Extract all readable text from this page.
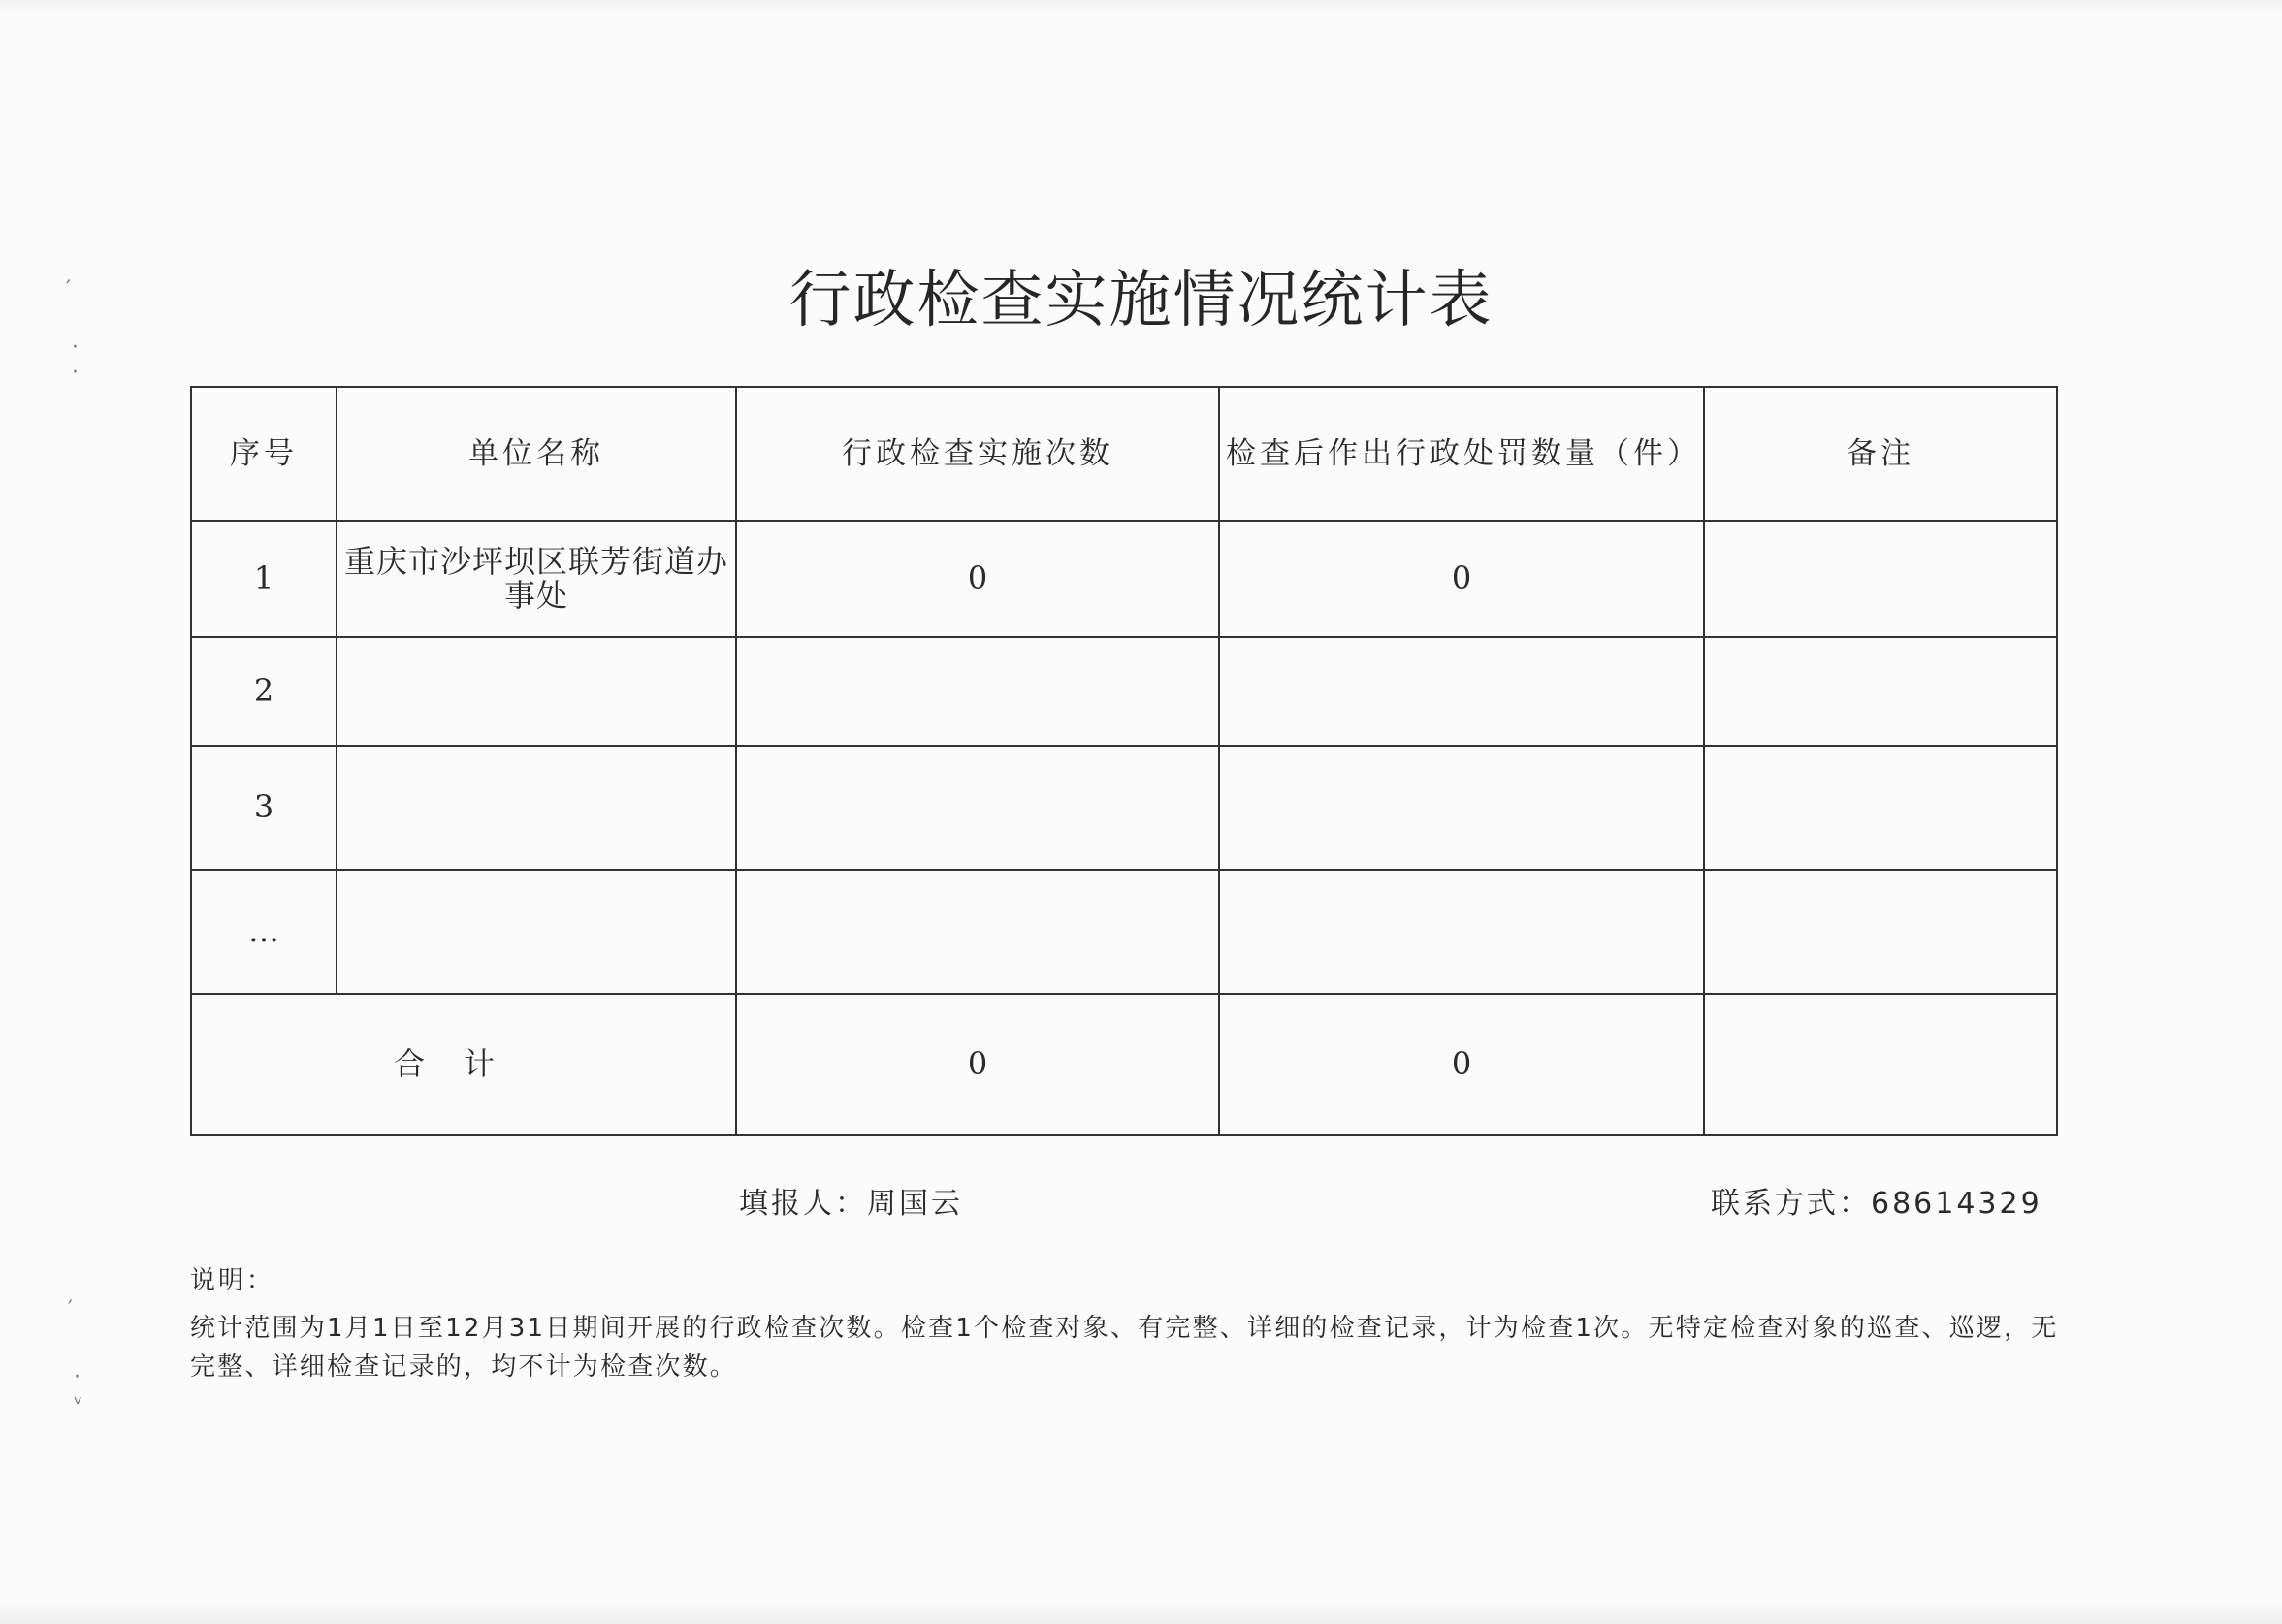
′
·
·
′
·
ᵛ
行政检查实施情况统计表
序号	单位名称	行政检查实施次数	检查后作出行政处罚数量（件）	备注
1	重庆市沙坪坝区联芳街道办事处	0	0	
2				
3				
…				
合计		0	0	
填报人：周国云	联系方式：68614329
说明：
统计范围为1月1日至12月31日期间开展的行政检查次数。检查1个检查对象、有完整、详细的检查记录，计为检查1次。无特定检查对象的巡查、巡逻，无完整、详细检查记录的，均不计为检查次数。
